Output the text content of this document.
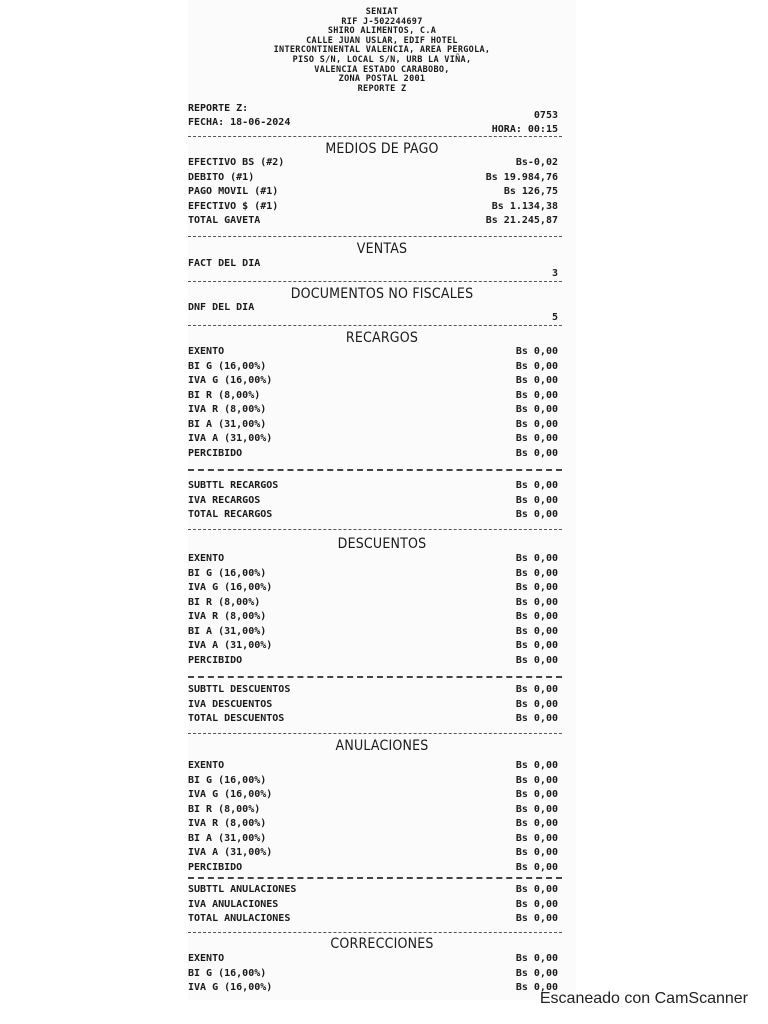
SENIAT
RIF J-502244697
SHIRO ALIMENTOS, C.A
CALLE JUAN USLAR, EDIF HOTEL
INTERCONTINENTAL VALENCIA, AREA PERGOLA,
PISO S/N, LOCAL S/N, URB LA VIÑA,
VALENCIA ESTADO CARABOBO,
ZONA POSTAL 2001
REPORTE Z
REPORTE Z:
0753
FECHA: 18-06-2024
HORA: 00:15
MEDIOS DE PAGO
EFECTIVO BS (#2)	Bs-0,02
DEBITO (#1)	Bs 19.984,76
PAGO MOVIL (#1)	Bs 126,75
EFECTIVO $ (#1)	Bs 1.134,38
TOTAL GAVETA	Bs 21.245,87
VENTAS
FACT DEL DIA
3
DOCUMENTOS NO FISCALES
DNF DEL DIA
5
RECARGOS
EXENTO	Bs 0,00
BI G (16,00%)	Bs 0,00
IVA G (16,00%)	Bs 0,00
BI R (8,00%)	Bs 0,00
IVA R (8,00%)	Bs 0,00
BI A (31,00%)	Bs 0,00
IVA A (31,00%)	Bs 0,00
PERCIBIDO	Bs 0,00
SUBTTL RECARGOS	Bs 0,00
IVA RECARGOS	Bs 0,00
TOTAL RECARGOS	Bs 0,00
DESCUENTOS
EXENTO	Bs 0,00
BI G (16,00%)	Bs 0,00
IVA G (16,00%)	Bs 0,00
BI R (8,00%)	Bs 0,00
IVA R (8,00%)	Bs 0,00
BI A (31,00%)	Bs 0,00
IVA A (31,00%)	Bs 0,00
PERCIBIDO	Bs 0,00
SUBTTL DESCUENTOS	Bs 0,00
IVA DESCUENTOS	Bs 0,00
TOTAL DESCUENTOS	Bs 0,00
ANULACIONES
EXENTO	Bs 0,00
BI G (16,00%)	Bs 0,00
IVA G (16,00%)	Bs 0,00
BI R (8,00%)	Bs 0,00
IVA R (8,00%)	Bs 0,00
BI A (31,00%)	Bs 0,00
IVA A (31,00%)	Bs 0,00
PERCIBIDO	Bs 0,00
SUBTTL ANULACIONES	Bs 0,00
IVA ANULACIONES	Bs 0,00
TOTAL ANULACIONES	Bs 0,00
CORRECCIONES
EXENTO	Bs 0,00
BI G (16,00%)	Bs 0,00
IVA G (16,00%)	Bs 0,00
Escaneado con CamScanner
